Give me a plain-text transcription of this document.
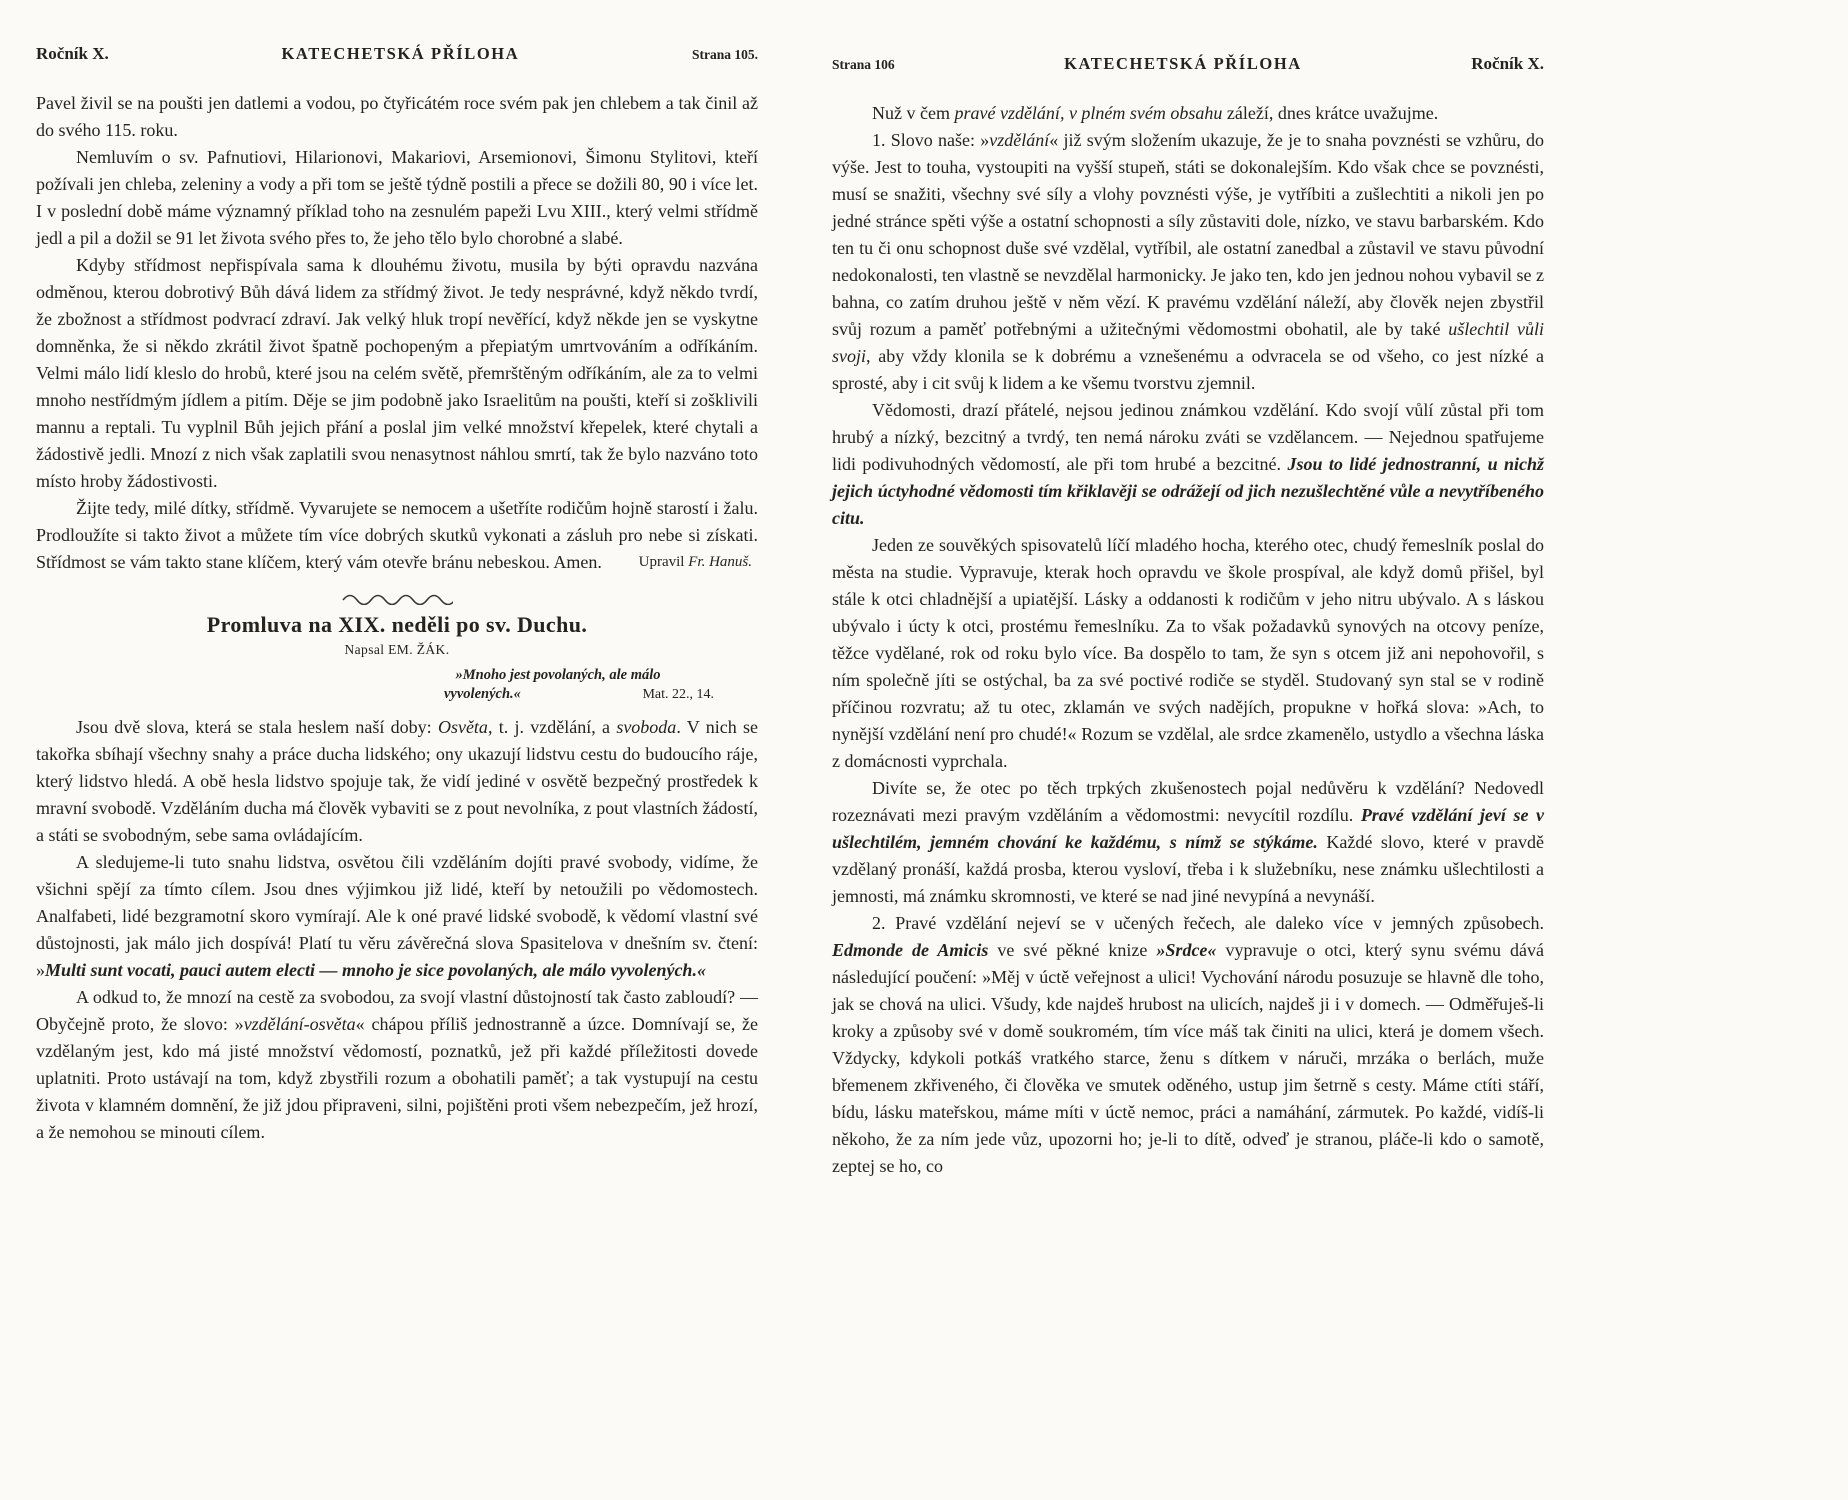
Ročník X.	KATECHETSKÁ PŘÍLOHA	Strana 105.

Pavel živil se na poušti jen datlemi a vodou, po čtyřicátém roce svém pak jen chlebem a tak činil až do svého 115. roku.

Nemluvím o sv. Pafnutiovi, Hilarionovi, Makariovi, Arsemionovi, Šimonu Stylitovi, kteří požívali jen chleba, zeleniny a vody a při tom se ještě týdně postili a přece se dožili 80, 90 i více let. I v poslední době máme významný příklad toho na zesnulém papeži Lvu XIII., který velmi střídmě jedl a pil a dožil se 91 let života svého přes to, že jeho tělo bylo chorobné a slabé.

Kdyby střídmost nepřispívala sama k dlouhému životu, musila by býti opravdu nazvána odměnou, kterou dobrotivý Bůh dává lidem za střídmý život. Je tedy nesprávné, když někdo tvrdí, že zbožnost a střídmost podvrací zdraví. Jak velký hluk tropí nevěřící, když někde jen se vyskytne domněnka, že si někdo zkrátil život špatně pochopeným a přepiatým umrtvováním a odříkáním. Velmi málo lidí kleslo do hrobů, které jsou na celém světě, přemrštěným odříkáním, ale za to velmi mnoho nestřídmým jídlem a pitím. Děje se jim podobně jako Israelitům na poušti, kteří si zošklivili mannu a reptali. Tu vyplnil Bůh jejich přání a poslal jim velké množství křepelek, které chytali a žádostivě jedli. Mnozí z nich však zaplatili svou nenasytnost náhlou smrtí, tak že bylo nazváno toto místo hroby žádostivosti.

Žijte tedy, milé dítky, střídmě. Vyvarujete se nemocem a ušetříte rodičům hojně starostí i žalu. Prodloužíte si takto život a můžete tím více dobrých skutků vykonati a zásluh pro nebe si získati. Střídmost se vám takto stane klíčem, který vám otevře bránu nebeskou. Amen.	Upravil Fr. Hanuš.

Promluva na XIX. neděli po sv. Duchu.
Napsal EM. ŽÁK.
»Mnoho jest povolaných, ale málo
vyvolených.«	Mat. 22., 14.

Jsou dvě slova, která se stala heslem naší doby: Osvěta, t. j. vzdělání, a svoboda. V nich se takořka sbíhají všechny snahy a práce ducha lidského; ony ukazují lidstvu cestu do budoucího ráje, který lidstvo hledá. A obě hesla lidstvo spojuje tak, že vidí jediné v osvětě bezpečný prostředek k mravní svobodě. Vzděláním ducha má člověk vybaviti se z pout nevolníka, z pout vlastních žádostí, a státi se svobodným, sebe sama ovládajícím.

A sledujeme-li tuto snahu lidstva, osvětou čili vzděláním dojíti pravé svobody, vidíme, že všichni spějí za tímto cílem. Jsou dnes výjimkou již lidé, kteří by netoužili po vědomostech. Analfabeti, lidé bezgramotní skoro vymírají. Ale k oné pravé lidské svobodě, k vědomí vlastní své důstojnosti, jak málo jich dospívá! Platí tu věru závěrečná slova Spasitelova v dnešním sv. čtení: »Multi sunt vocati, pauci autem electi — mnoho je sice povolaných, ale málo vyvolených.«

A odkud to, že mnozí na cestě za svobodou, za svojí vlastní důstojností tak často zabloudí? — Obyčejně proto, že slovo: »vzdělání-osvěta« chápou příliš jednostranně a úzce. Domnívají se, že vzdělaným jest, kdo má jisté množství vědomostí, poznatků, jež při každé příležitosti dovede uplatniti. Proto ustávají na tom, když zbystřili rozum a obohatili paměť; a tak vystupují na cestu života v klamném domnění, že již jdou připraveni, silni, pojištěni proti všem nebezpečím, jež hrozí, a že nemohou se minouti cílem.

Strana 106	KATECHETSKÁ PŘÍLOHA	Ročník X.

Nuž v čem pravé vzdělání, v plném svém obsahu záleží, dnes krátce uvažujme.

1. Slovo naše: »vzdělání« již svým složením ukazuje, že je to snaha povznésti se vzhůru, do výše. Jest to touha, vystoupiti na vyšší stupeň, státi se dokonalejším. Kdo však chce se povznésti, musí se snažiti, všechny své síly a vlohy povznésti výše, je vytříbiti a zušlechtiti a nikoli jen po jedné stránce spěti výše a ostatní schopnosti a síly zůstaviti dole, nízko, ve stavu barbarském. Kdo ten tu či onu schopnost duše své vzdělal, vytříbil, ale ostatní zanedbal a zůstavil ve stavu původní nedokonalosti, ten vlastně se nevzdělal harmonicky. Je jako ten, kdo jen jednou nohou vybavil se z bahna, co zatím druhou ještě v něm vězí. K pravému vzdělání náleží, aby člověk nejen zbystřil svůj rozum a paměť potřebnými a užitečnými vědomostmi obohatil, ale by také ušlechtil vůli svoji, aby vždy klonila se k dobrému a vznešenému a odvracela se od všeho, co jest nízké a sprosté, aby i cit svůj k lidem a ke všemu tvorstvu zjemnil.

Vědomosti, drazí přátelé, nejsou jedinou známkou vzdělání. Kdo svojí vůlí zůstal při tom hrubý a nízký, bezcitný a tvrdý, ten nemá nároku zváti se vzdělancem. — Nejednou spatřujeme lidi podivuhodných vědomostí, ale při tom hrubé a bezcitné. Jsou to lidé jednostranní, u nichž jejich úctyhodné vědomosti tím křiklavěji se odrážejí od jich nezušlechtěné vůle a nevytříbeného citu.

Jeden ze souvěkých spisovatelů líčí mladého hocha, kterého otec, chudý řemeslník poslal do města na studie. Vypravuje, kterak hoch opravdu ve škole prospíval, ale když domů přišel, byl stále k otci chladnější a upiatější. Lásky a oddanosti k rodičům v jeho nitru ubývalo. A s láskou ubývalo i úcty k otci, prostému řemeslníku. Za to však požadavků synových na otcovy peníze, těžce vydělané, rok od roku bylo více. Ba dospělo to tam, že syn s otcem již ani nepohovořil, s ním společně jíti se ostýchal, ba za své poctivé rodiče se styděl. Studovaný syn stal se v rodině příčinou rozvratu; až tu otec, zklamán ve svých nadějích, propukne v hořká slova: »Ach, to nynější vzdělání není pro chudé!« Rozum se vzdělal, ale srdce zkamenělo, ustydlo a všechna láska z domácnosti vyprchala.

Divíte se, že otec po těch trpkých zkušenostech pojal nedůvěru k vzdělání? Nedovedl rozeznávati mezi pravým vzděláním a vědomostmi: nevycítil rozdílu. Pravé vzdělání jeví se v ušlechtilém, jemném chování ke každému, s nímž se stýkáme. Každé slovo, které v pravdě vzdělaný pronáší, každá prosba, kterou vysloví, třeba i k služebníku, nese známku ušlechtilosti a jemnosti, má známku skromnosti, ve které se nad jiné nevypíná a nevynáší.

2. Pravé vzdělání nejeví se v učených řečech, ale daleko více v jemných způsobech. Edmonde de Amicis ve své pěkné knize »Srdce« vypravuje o otci, který synu svému dává následující poučení: »Měj v úctě veřejnost a ulici! Vychování národu posuzuje se hlavně dle toho, jak se chová na ulici. Všudy, kde najdeš hrubost na ulicích, najdeš ji i v domech. — Odměřuješ-li kroky a způsoby své v domě soukromém, tím více máš tak činiti na ulici, která je domem všech. Vždycky, kdykoli potkáš vratkého starce, ženu s dítkem v náruči, mrzáka o berlách, muže břemenem zkřiveného, či člověka ve smutek oděného, ustup jim šetrně s cesty. Máme ctíti stáří, bídu, lásku mateřskou, máme míti v úctě nemoc, práci a namáhání, zármutek. Po každé, vidíš-li někoho, že za ním jede vůz, upozorni ho; je-li to dítě, odveď je stranou, pláče-li kdo o samotě, zeptej se ho, co
